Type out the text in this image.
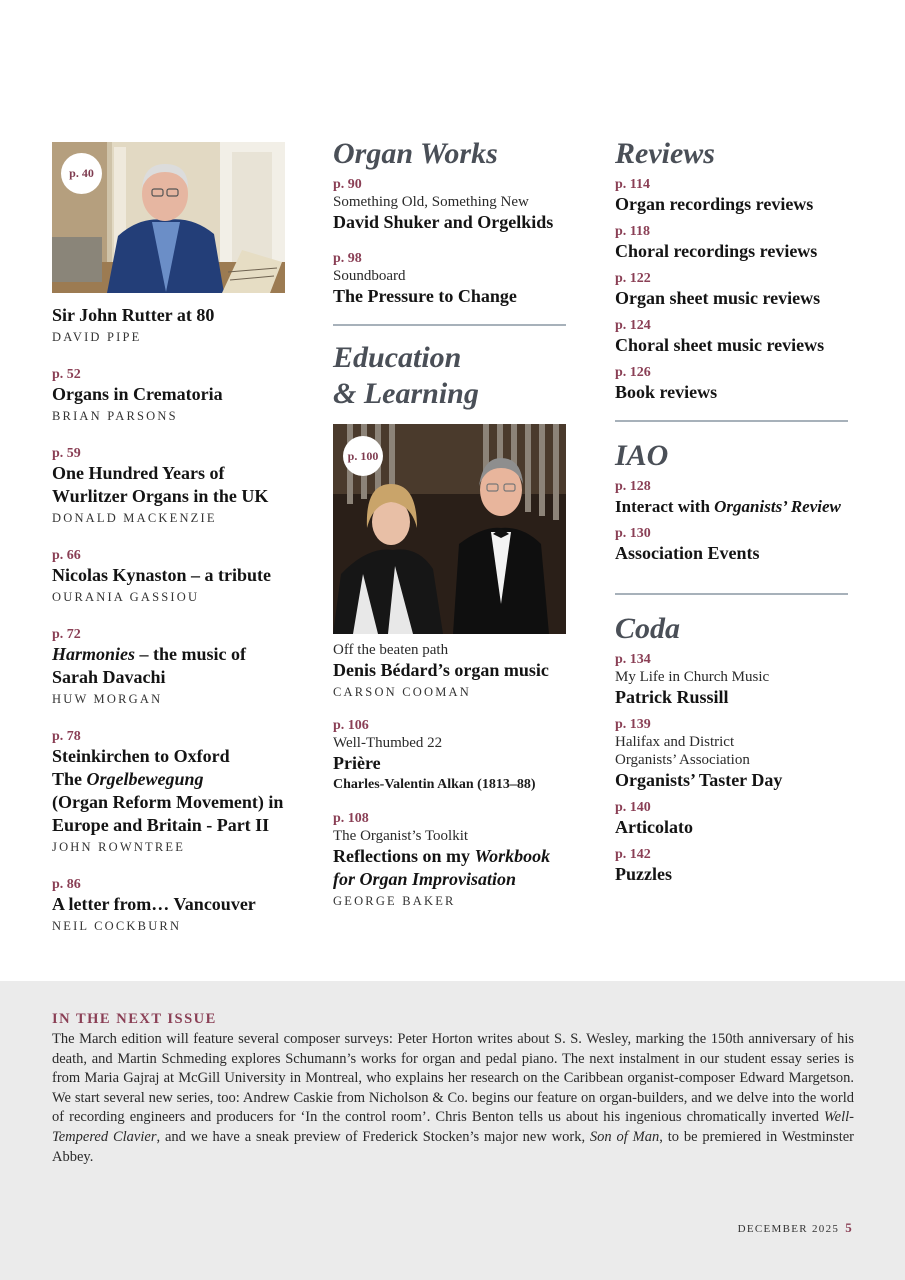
p. 40
Sir John Rutter at 80
DAVID PIPE
p. 52
Organs in Crematoria
BRIAN PARSONS
p. 59
One Hundred Years of
Wurlitzer Organs in the UK
DONALD MACKENZIE
p. 66
Nicolas Kynaston – a tribute
OURANIA GASSIOU
p. 72
Harmonies – the music of
Sarah Davachi
HUW MORGAN
p. 78
Steinkirchen to Oxford
The Orgelbewegung
(Organ Reform Movement) in
Europe and Britain - Part II
JOHN ROWNTREE
p. 86
A letter from… Vancouver
NEIL COCKBURN
Organ Works
p. 90
Something Old, Something New
David Shuker and Orgelkids
p. 98
Soundboard
The Pressure to Change
Education
& Learning
p. 100
Off the beaten path
Denis Bédard’s organ music
CARSON COOMAN
p. 106
Well-Thumbed 22
Prière
Charles-Valentin Alkan (1813–88)
p. 108
The Organist’s Toolkit
Reflections on my Workbook
for Organ Improvisation
GEORGE BAKER
Reviews
p. 114
Organ recordings reviews
p. 118
Choral recordings reviews
p. 122
Organ sheet music reviews
p. 124
Choral sheet music reviews
p. 126
Book reviews
IAO
p. 128
Interact with Organists’ Review
p. 130
Association Events
Coda
p. 134
My Life in Church Music
Patrick Russill
p. 139
Halifax and District
Organists’ Association
Organists’ Taster Day
p. 140
Articolato
p. 142
Puzzles
IN THE NEXT ISSUE

The March edition will feature several composer surveys: Peter Horton writes about S. S. Wesley, marking the 150th anniversary of his death, and Martin Schmeding explores Schumann’s works for organ and pedal piano. The next instalment in our student essay series is from Maria Gajraj at McGill University in Montreal, who explains her research on the Caribbean organist-composer Edward Margetson. We start several new series, too: Andrew Caskie from Nicholson & Co. begins our feature on organ-builders, and we delve into the world of recording engineers and producers for ‘In the control room’. Chris Benton tells us about his ingenious chromatically inverted Well-Tempered Clavier, and we have a sneak preview of Frederick Stocken’s major new work, Son of Man, to be premiered in Westminster Abbey.

DECEMBER 2025 5
